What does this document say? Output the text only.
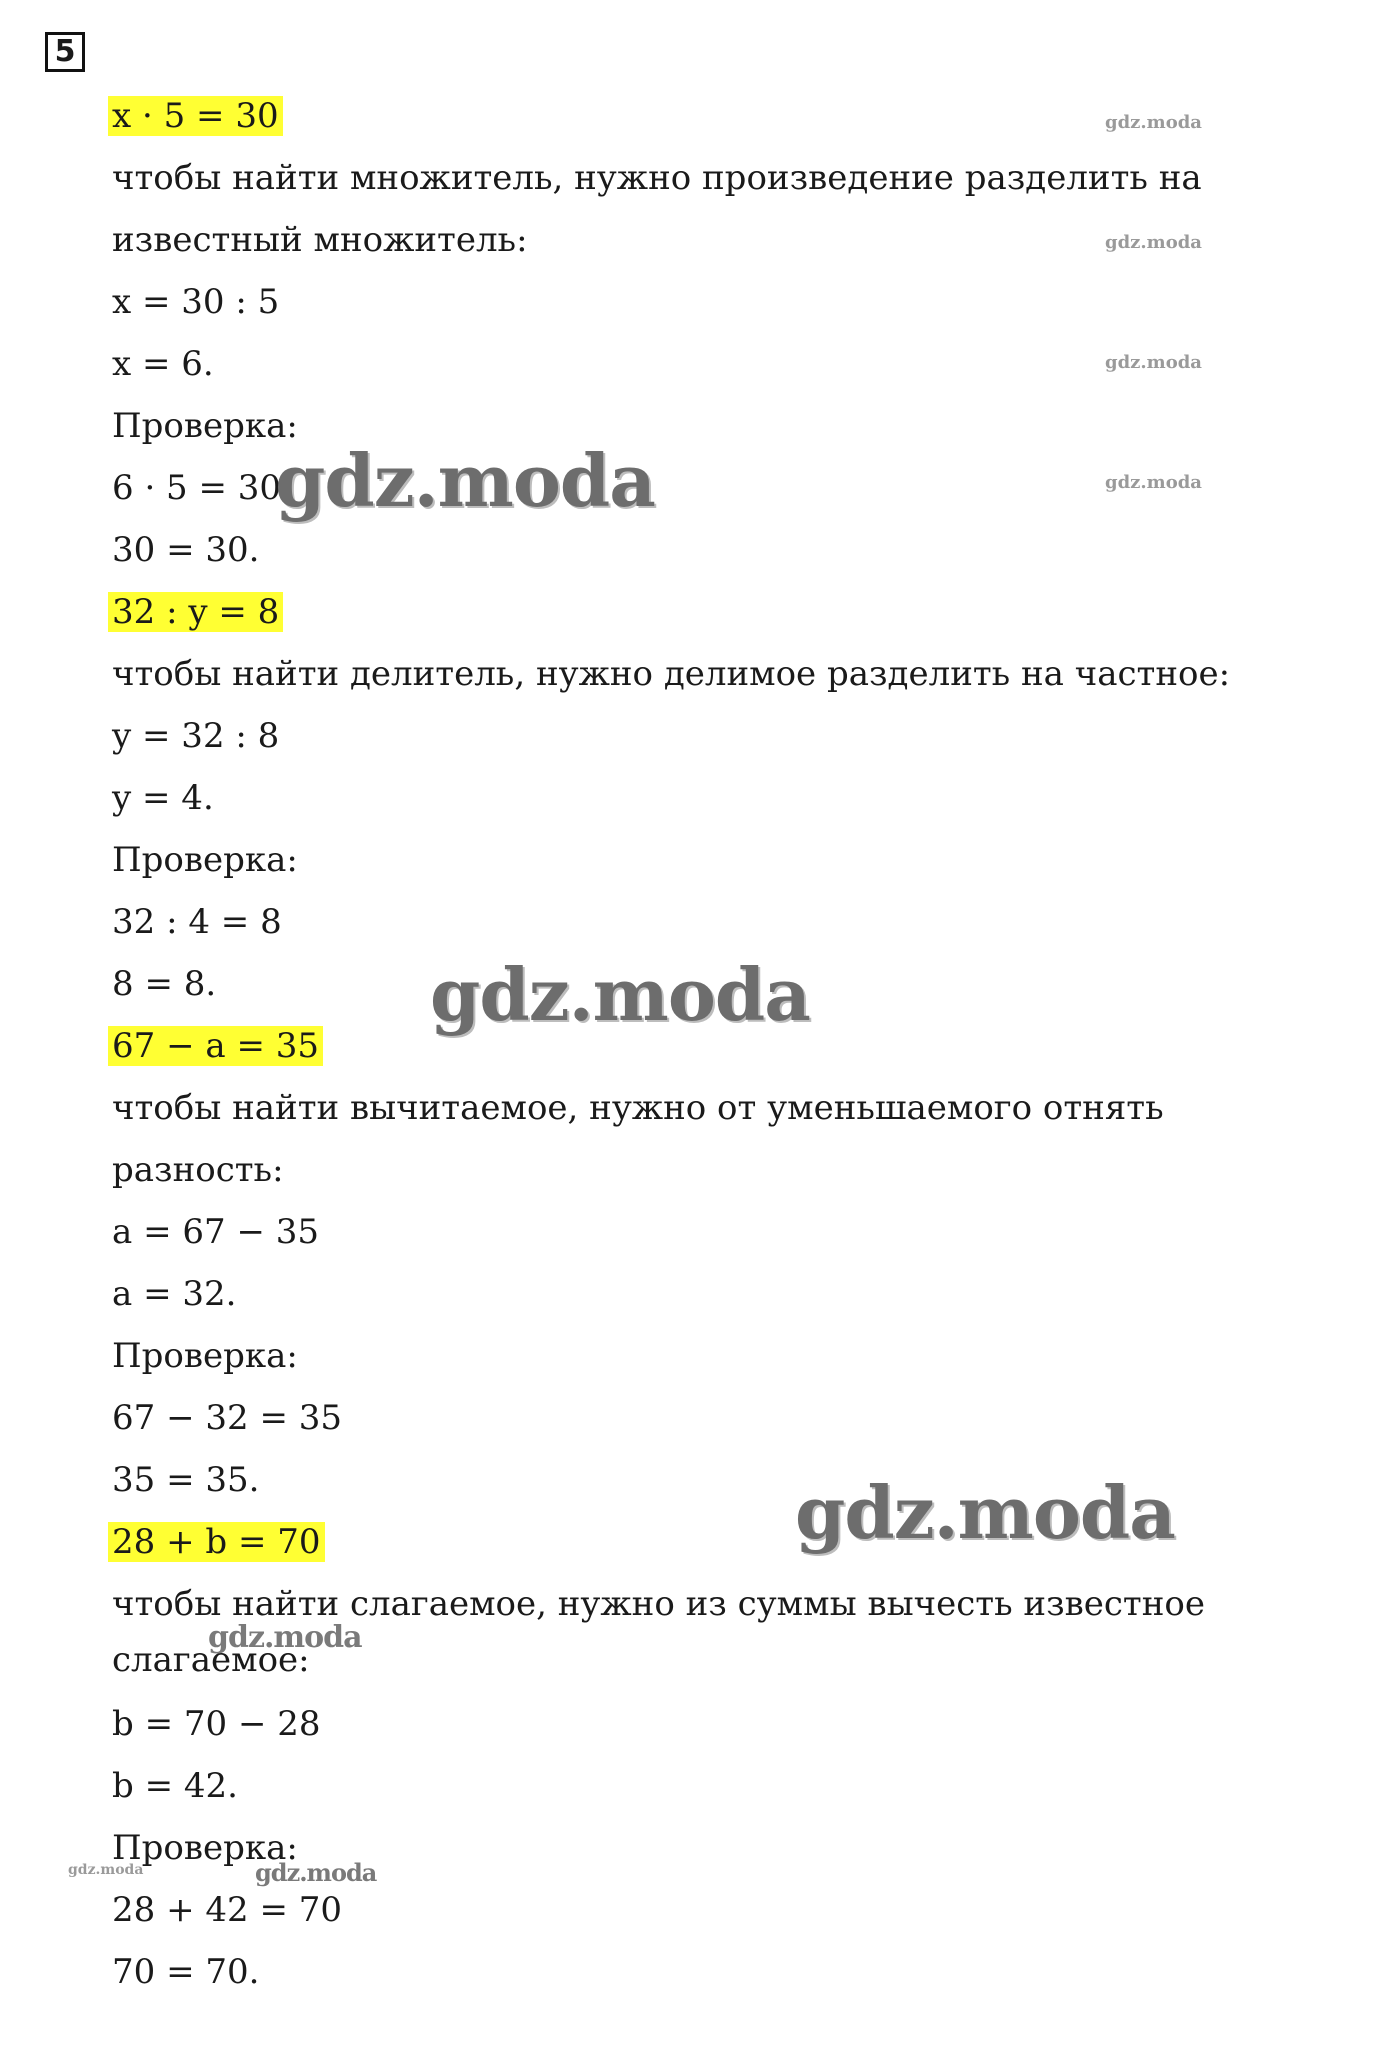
5
x · 5 = 30
чтобы найти множитель, нужно произведение разделить на
известный множитель:
x = 30 : 5
x = 6.
Проверка:
6 · 5 = 30
30 = 30.
32 : y = 8
чтобы найти делитель, нужно делимое разделить на частное:
y = 32 : 8
y = 4.
Проверка:
32 : 4 = 8
8 = 8.
67 − a = 35
чтобы найти вычитаемое, нужно от уменьшаемого отнять
разность:
a = 67 − 35
a = 32.
Проверка:
67 − 32 = 35
35 = 35.
28 + b = 70
чтобы найти слагаемое, нужно из суммы вычесть известное
слагаемое:
b = 70 − 28
b = 42.
Проверка:
28 + 42 = 70
70 = 70.
gdz.moda
gdz.moda
gdz.moda
gdz.moda
gdz.moda
gdz.moda
gdz.moda
gdz.moda
gdz.moda
gdz.moda
